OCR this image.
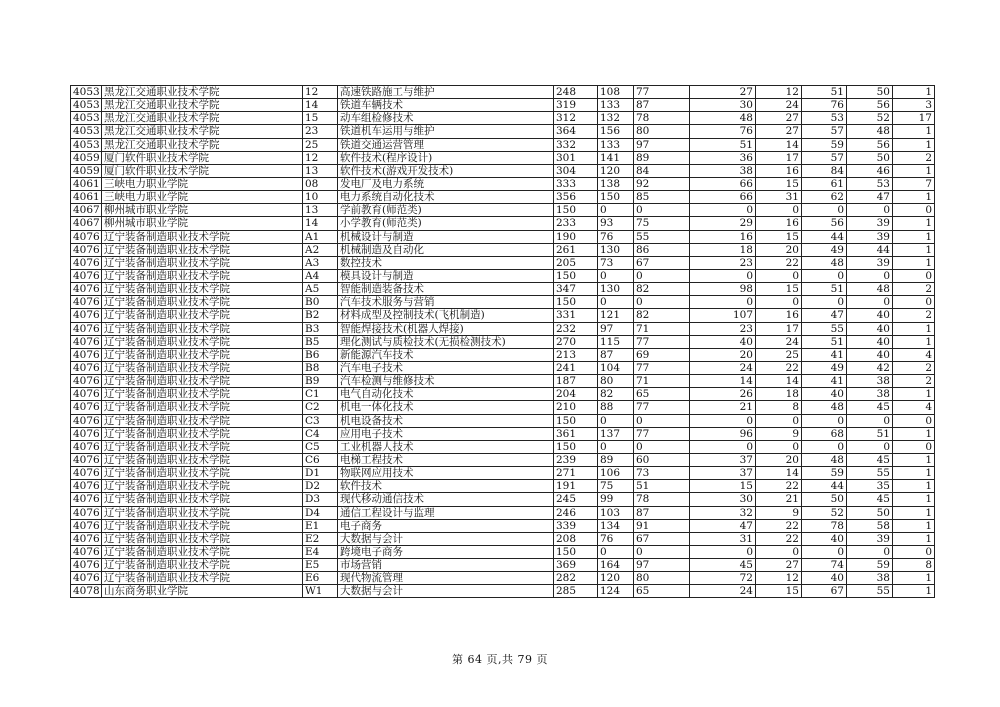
4053	黑龙江交通职业技术学院	12	高速铁路施工与维护	248	108	77	27	12	51	50	1
4053	黑龙江交通职业技术学院	14	铁道车辆技术	319	133	87	30	24	76	56	3
4053	黑龙江交通职业技术学院	15	动车组检修技术	312	132	78	48	27	53	52	17
4053	黑龙江交通职业技术学院	23	铁道机车运用与维护	364	156	80	76	27	57	48	1
4053	黑龙江交通职业技术学院	25	铁道交通运营管理	332	133	97	51	14	59	56	1
4059	厦门软件职业技术学院	12	软件技术(程序设计)	301	141	89	36	17	57	50	2
4059	厦门软件职业技术学院	13	软件技术(游戏开发技术)	304	120	84	38	16	84	46	1
4061	三峡电力职业学院	08	发电厂及电力系统	333	138	92	66	15	61	53	7
4061	三峡电力职业学院	10	电力系统自动化技术	356	150	85	66	31	62	47	1
4067	柳州城市职业学院	13	学前教育(师范类)	150	0	0	0	0	0	0	0
4067	柳州城市职业学院	14	小学教育(师范类)	233	93	75	29	16	56	39	1
4076	辽宁装备制造职业技术学院	A1	机械设计与制造	190	76	55	16	15	44	39	1
4076	辽宁装备制造职业技术学院	A2	机械制造及自动化	261	130	86	18	20	49	44	1
4076	辽宁装备制造职业技术学院	A3	数控技术	205	73	67	23	22	48	39	1
4076	辽宁装备制造职业技术学院	A4	模具设计与制造	150	0	0	0	0	0	0	0
4076	辽宁装备制造职业技术学院	A5	智能制造装备技术	347	130	82	98	15	51	48	2
4076	辽宁装备制造职业技术学院	B0	汽车技术服务与营销	150	0	0	0	0	0	0	0
4076	辽宁装备制造职业技术学院	B2	材料成型及控制技术(飞机制造)	331	121	82	107	16	47	40	2
4076	辽宁装备制造职业技术学院	B3	智能焊接技术(机器人焊接)	232	97	71	23	17	55	40	1
4076	辽宁装备制造职业技术学院	B5	理化测试与质检技术(无损检测技术)	270	115	77	40	24	51	40	1
4076	辽宁装备制造职业技术学院	B6	新能源汽车技术	213	87	69	20	25	41	40	4
4076	辽宁装备制造职业技术学院	B8	汽车电子技术	241	104	77	24	22	49	42	2
4076	辽宁装备制造职业技术学院	B9	汽车检测与维修技术	187	80	71	14	14	41	38	2
4076	辽宁装备制造职业技术学院	C1	电气自动化技术	204	82	65	26	18	40	38	1
4076	辽宁装备制造职业技术学院	C2	机电一体化技术	210	88	77	21	8	48	45	4
4076	辽宁装备制造职业技术学院	C3	机电设备技术	150	0	0	0	0	0	0	0
4076	辽宁装备制造职业技术学院	C4	应用电子技术	361	137	77	96	9	68	51	1
4076	辽宁装备制造职业技术学院	C5	工业机器人技术	150	0	0	0	0	0	0	0
4076	辽宁装备制造职业技术学院	C6	电梯工程技术	239	89	60	37	20	48	45	1
4076	辽宁装备制造职业技术学院	D1	物联网应用技术	271	106	73	37	14	59	55	1
4076	辽宁装备制造职业技术学院	D2	软件技术	191	75	51	15	22	44	35	1
4076	辽宁装备制造职业技术学院	D3	现代移动通信技术	245	99	78	30	21	50	45	1
4076	辽宁装备制造职业技术学院	D4	通信工程设计与监理	246	103	87	32	9	52	50	1
4076	辽宁装备制造职业技术学院	E1	电子商务	339	134	91	47	22	78	58	1
4076	辽宁装备制造职业技术学院	E2	大数据与会计	208	76	67	31	22	40	39	1
4076	辽宁装备制造职业技术学院	E4	跨境电子商务	150	0	0	0	0	0	0	0
4076	辽宁装备制造职业技术学院	E5	市场营销	369	164	97	45	27	74	59	8
4076	辽宁装备制造职业技术学院	E6	现代物流管理	282	120	80	72	12	40	38	1
4078	山东商务职业学院	W1	大数据与会计	285	124	65	24	15	67	55	1
第 64 页,共 79 页
